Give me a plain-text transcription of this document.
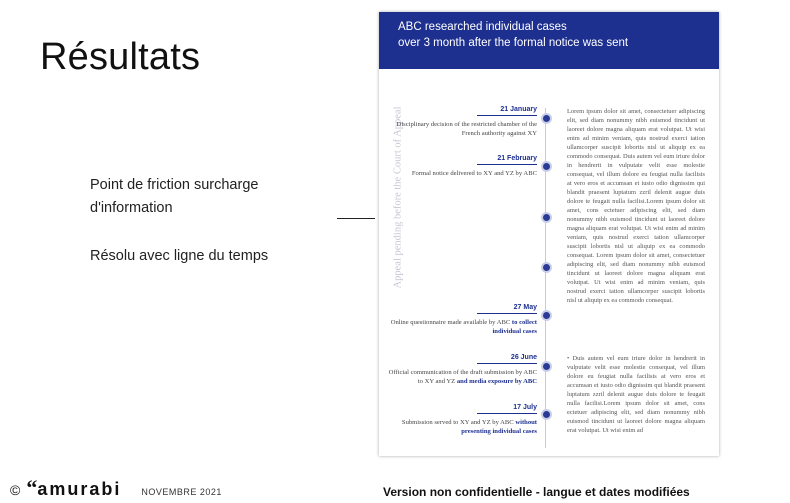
Résultats
Point de friction surcharge d'information
Résolu avec ligne du temps
ABC researched individual cases
over 3 month after the formal notice was sent
Appeal pending before the Court of Appeal	21 January
Disciplinary decision of the restricted chamber of the French authority against XY
21 February
Formal notice delivered to XY and YZ by ABC
27 May
Online questionnaire made available by ABC to collect individual cases
26 June
Official communication of the draft submission by ABC to XY and YZ and media exposure by ABC
17 July
Submission served to XY and YZ by ABC without presenting individual cases
Lorem ipsum dolor sit amet, consectetuer adipiscing elit, sed diam nonummy nibh euismod tincidunt ut laoreet dolore magna aliquam erat volutpat. Ut wisi enim ad minim veniam, quis nostrud exerci tation ullamcorper suscipit lobortis nisl ut aliquip ex ea commodo consequat. Duis autem vel eum iriure dolor in hendrerit in vulputate velit esse molestie consequat, vel illum dolore eu feugiat nulla facilisis at vero eros et accumsan et iusto odio dignissim qui blandit praesent luptatum zzril delenit augue duis dolore te feugait nulla facilisi.Lorem ipsum dolor sit amet, cons ectetuer adipiscing elit, sed diam nonummy nibh euismod tincidunt ut laoreet dolore magna aliquam erat volutpat. Ut wisi enim ad minim veniam, quis nostrud exerci tation ullamcorper suscipit lobortis nisl ut aliquip ex ea commodo consequat. Lorem ipsum dolor sit amet, consectetuer adipiscing elit, sed diam nonummy nibh euismod tincidunt ut laoreet dolore magna aliquam erat volutpat. Ut wisi enim ad minim veniam, quis nostrud exerci tation ullamcorper suscipit lobortis nisl ut aliquip ex ea commodo consequat.
• Duis autem vel eum iriure dolor in hendrerit in vulputate velit esse molestie consequat, vel illum dolore eu feugiat nulla facilisis at vero eros et accumsan et iusto odio dignissim qui blandit praesent luptatum zzril delenit augue duis dolore te feugait nulla facilisi.Lorem ipsum dolor sit amet, cons ectetuer adipiscing elit, sed diam nonummy nibh euismod tincidunt ut laoreet dolore magna aliquam erat volutpat. Ut wisi enim ad
© “amurabi NOVEMBRE 2021	Version non confidentielle - langue et dates modifiées
